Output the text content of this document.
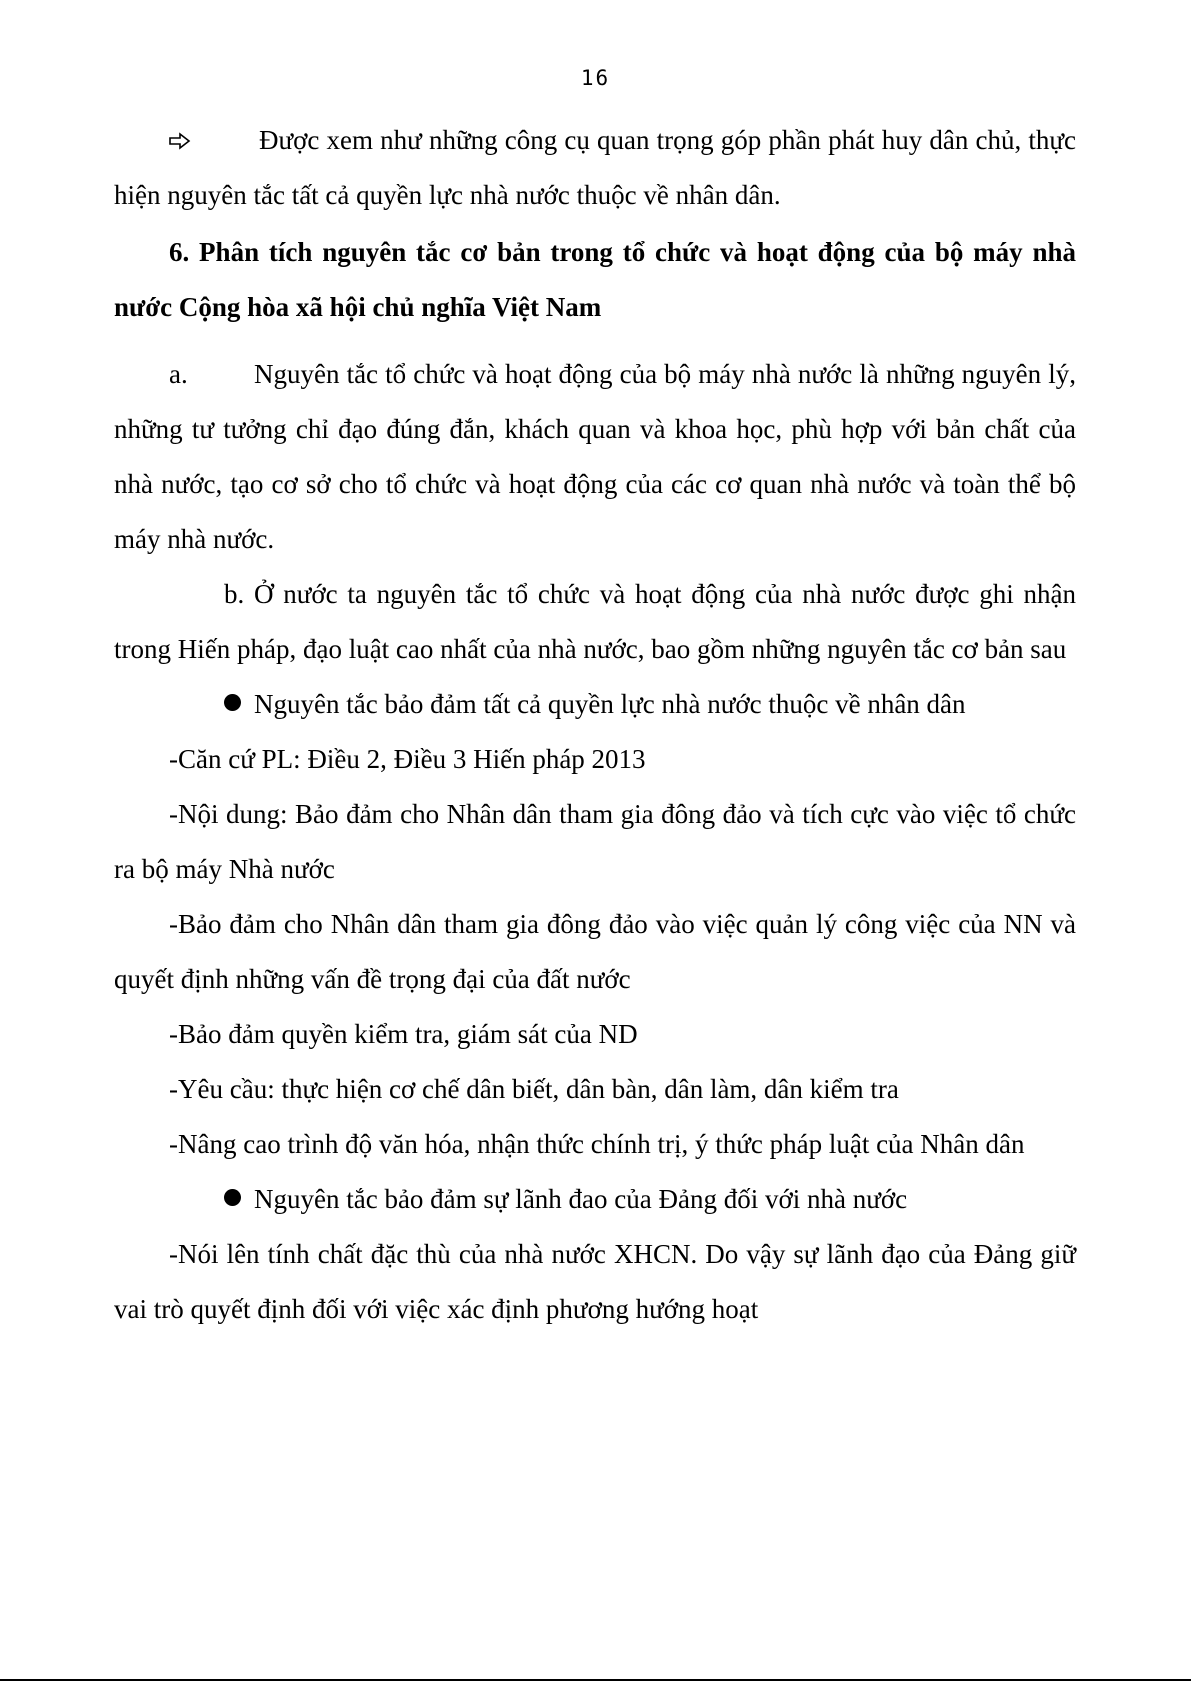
16

Được xem như những công cụ quan trọng góp phần phát huy dân chủ, thực hiện nguyên tắc tất cả quyền lực nhà nước thuộc về nhân dân.

6. Phân tích nguyên tắc cơ bản trong tổ chức và hoạt động của bộ máy nhà nước Cộng hòa xã hội chủ nghĩa Việt Nam

a. Nguyên tắc tổ chức và hoạt động của bộ máy nhà nước là những nguyên lý, những tư tưởng chỉ đạo đúng đắn, khách quan và khoa học, phù hợp với bản chất của nhà nước, tạo cơ sở cho tổ chức và hoạt động của các cơ quan nhà nước và toàn thể bộ máy nhà nước.

b. Ở nước ta nguyên tắc tổ chức và hoạt động của nhà nước được ghi nhận trong Hiến pháp, đạo luật cao nhất của nhà nước, bao gồm những nguyên tắc cơ bản sau

Nguyên tắc bảo đảm tất cả quyền lực nhà nước thuộc về nhân dân

-Căn cứ PL: Điều 2, Điều 3 Hiến pháp 2013

-Nội dung: Bảo đảm cho Nhân dân tham gia đông đảo và tích cực vào việc tổ chức ra bộ máy Nhà nước

-Bảo đảm cho Nhân dân tham gia đông đảo vào việc quản lý công việc của NN và quyết định những vấn đề trọng đại của đất nước

-Bảo đảm quyền kiểm tra, giám sát của ND

-Yêu cầu: thực hiện cơ chế dân biết, dân bàn, dân làm, dân kiểm tra

-Nâng cao trình độ văn hóa, nhận thức chính trị, ý thức pháp luật của Nhân dân

Nguyên tắc bảo đảm sự lãnh đao của Đảng đối với nhà nước

-Nói lên tính chất đặc thù của nhà nước XHCN. Do vậy sự lãnh đạo của Đảng giữ vai trò quyết định đối với việc xác định phương hướng hoạt
